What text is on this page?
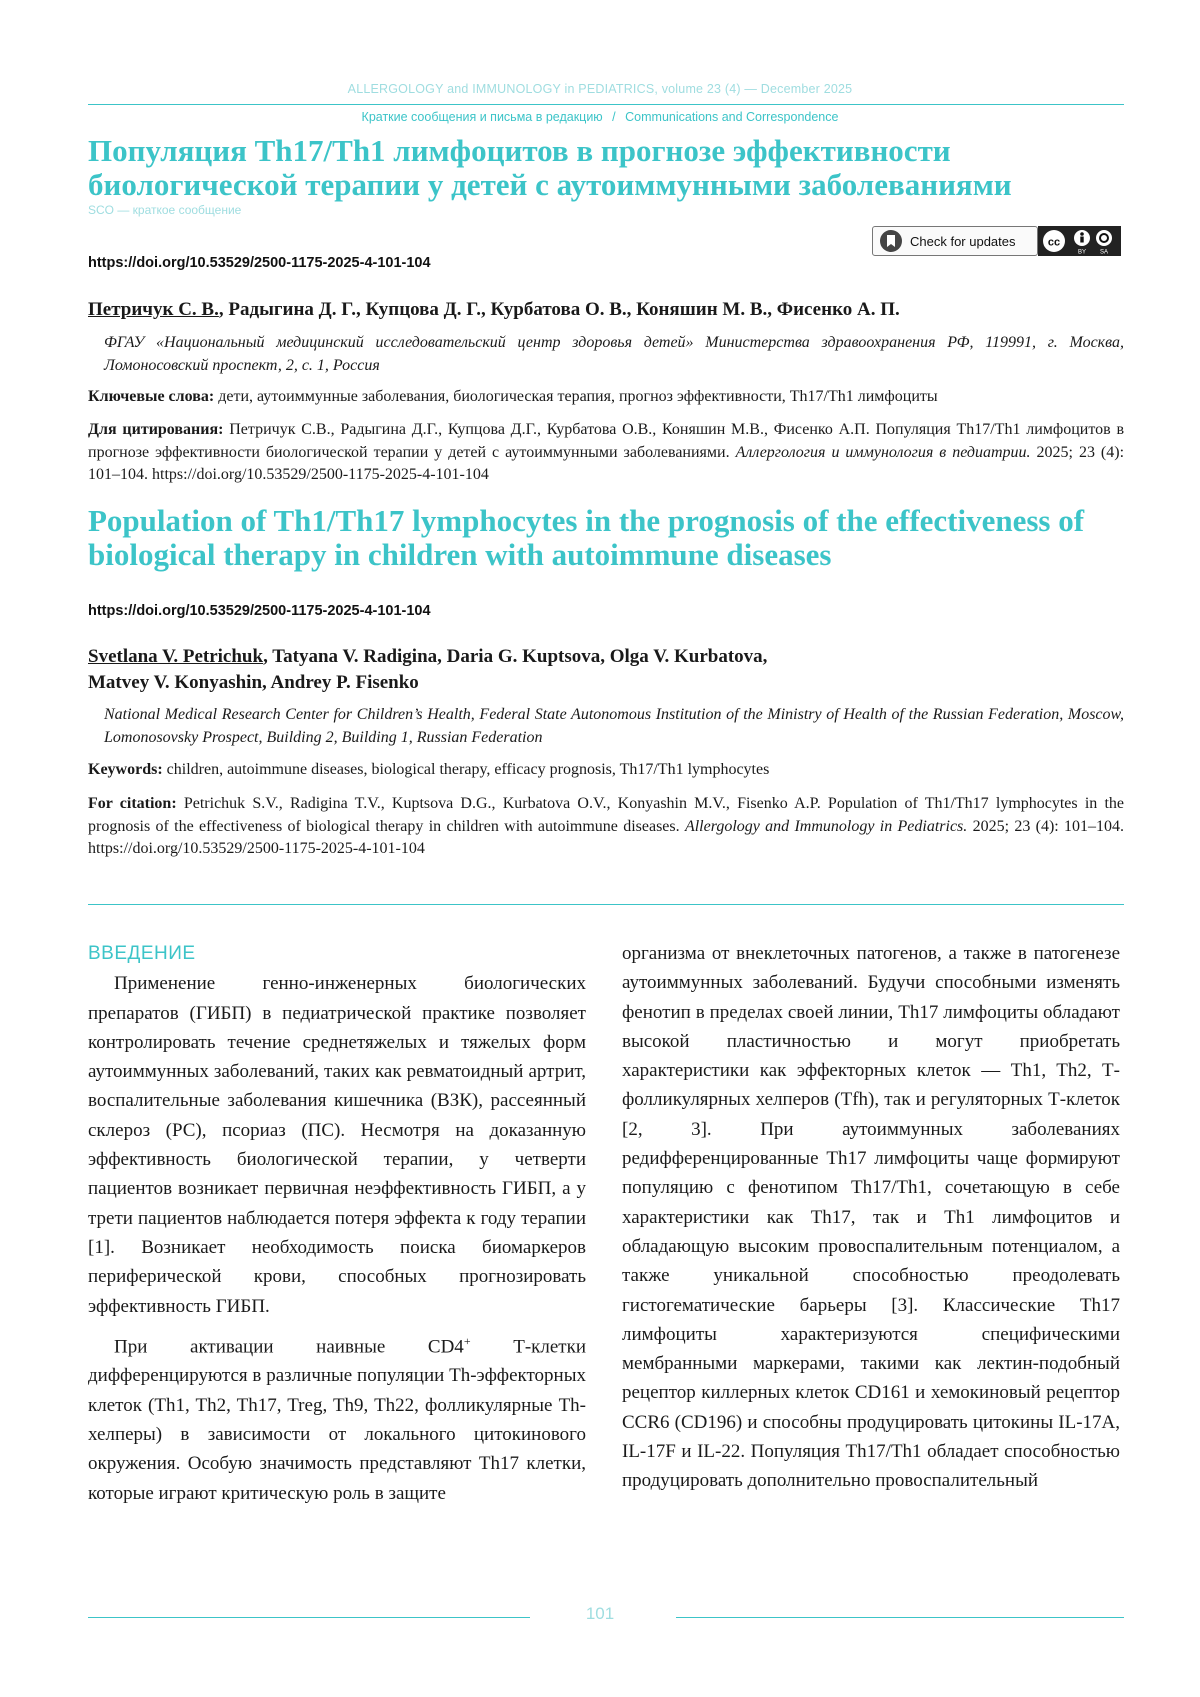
ALLERGOLOGY and IMMUNOLOGY in PEDIATRICS, volume 23 (4) — December 2025
Краткие сообщения и письма в редакцию / Communications and Correspondence
Популяция Th17/Th1 лимфоцитов в прогнозе эффективности биологической терапии у детей с аутоиммунными заболеваниями
SCO — краткое сообщение
Check for updates	cc
BY SA
https://doi.org/10.53529/2500-1175-2025-4-101-104
Петричук С. В., Радыгина Д. Г., Купцова Д. Г., Курбатова О. В., Коняшин М. В., Фисенко А. П.
ФГАУ «Национальный медицинский исследовательский центр здоровья детей» Министерства здравоохранения РФ, 119991, г. Москва, Ломоносовский проспект, 2, с. 1, Россия
Ключевые слова: дети, аутоиммунные заболевания, биологическая терапия, прогноз эффективности, Th17/Th1 лимфоциты
Для цитирования: Петричук С.В., Радыгина Д.Г., Купцова Д.Г., Курбатова О.В., Коняшин М.В., Фисенко А.П. Популяция Th17/Th1 лимфоцитов в прогнозе эффективности биологической терапии у детей с аутоиммунными заболеваниями. Аллергология и иммунология в педиатрии. 2025; 23 (4): 101–104. https://doi.org/10.53529/2500-1175-2025-4-101-104
Population of Th1/Th17 lymphocytes in the prognosis of the effectiveness of biological therapy in children with autoimmune diseases
https://doi.org/10.53529/2500-1175-2025-4-101-104
Svetlana V. Petrichuk, Tatyana V. Radigina, Daria G. Kuptsova, Olga V. Kurbatova,
Matvey V. Konyashin, Andrey P. Fisenko
National Medical Research Center for Children’s Health, Federal State Autonomous Institution of the Ministry of Health of the Russian Federation, Moscow, Lomonosovsky Prospect, Building 2, Building 1, Russian Federation
Keywords: children, autoimmune diseases, biological therapy, efficacy prognosis, Th17/Th1 lymphocytes
For citation: Petrichuk S.V., Radigina T.V., Kuptsova D.G., Kurbatova O.V., Konyashin M.V., Fisenko A.P. Population of Th1/Th17 lymphocytes in the prognosis of the effectiveness of biological therapy in children with autoimmune diseases. Allergology and Immunology in Pediatrics. 2025; 23 (4): 101–104. https://doi.org/10.53529/2500-1175-2025-4-101-104
ВВЕДЕНИЕ

Применение генно-инженерных биологических препаратов (ГИБП) в педиатрической практике позволяет контролировать течение среднетяжелых и тяжелых форм аутоиммунных заболеваний, таких как ревматоидный артрит, воспалительные заболевания кишечника (ВЗК), рассеянный склероз (РС), псориаз (ПС). Несмотря на доказанную эффективность биологической терапии, у четверти пациентов возникает первичная неэффективность ГИБП, а у трети пациентов наблюдается потеря эффекта к году терапии [1]. Возникает необходимость поиска биомаркеров периферической крови, способных прогнозировать эффективность ГИБП.

При активации наивные CD4+ Т-клетки дифференцируются в различные популяции Th-эффекторных клеток (Th1, Th2, Th17, Treg, Th9, Th22, фолликулярные Th-хелперы) в зависимости от локального цитокинового окружения. Особую значимость представляют Th17 клетки, которые играют критическую роль в защите

организма от внеклеточных патогенов, а также в патогенезе аутоиммунных заболеваний. Будучи способными изменять фенотип в пределах своей линии, Th17 лимфоциты обладают высокой пластичностью и могут приобретать характеристики как эффекторных клеток — Th1, Th2, Т-фолликулярных хелперов (Tfh), так и регуляторных Т-клеток [2, 3]. При аутоиммунных заболеваниях редифференцированные Th17 лимфоциты чаще формируют популяцию с фенотипом Th17/Th1, сочетающую в себе характеристики как Th17, так и Th1 лимфоцитов и обладающую высоким провоспалительным потенциалом, а также уникальной способностью преодолевать гистогематические барьеры [3]. Классические Th17 лимфоциты характеризуются специфическими мембранными маркерами, такими как лектин-подобный рецептор киллерных клеток CD161 и хемокиновый рецептор CCR6 (CD196) и способны продуцировать цитокины IL-17A, IL-17F и IL-22. Популяция Th17/Th1 обладает способностью продуцировать дополнительно провоспалительный

101
